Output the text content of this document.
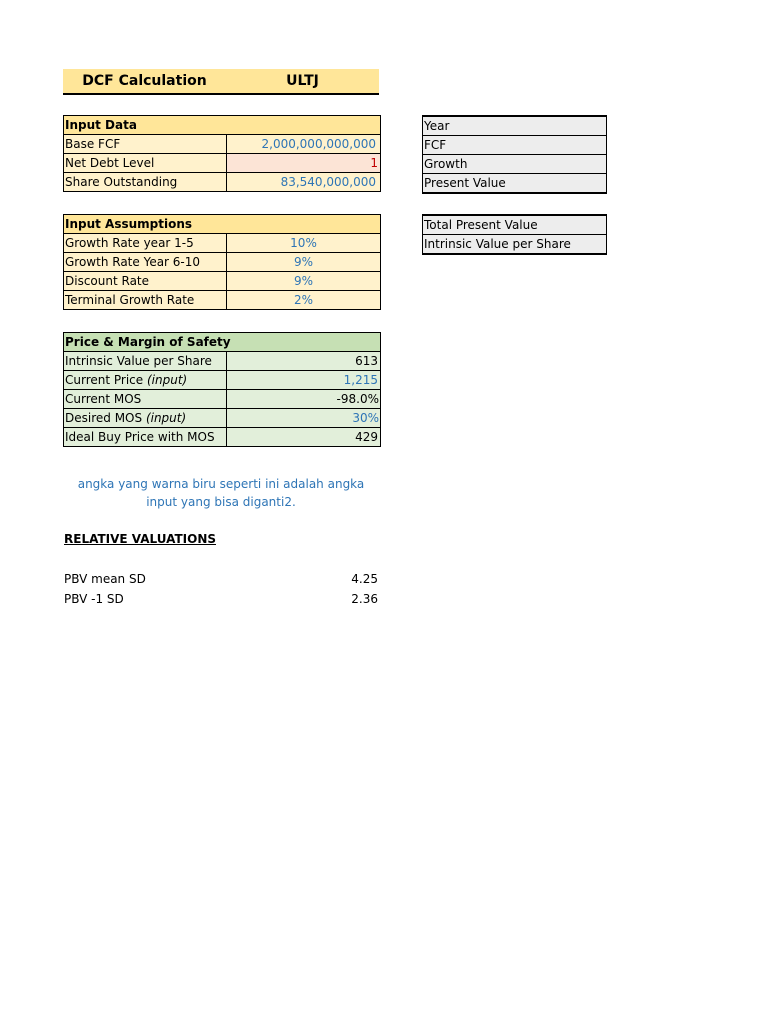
DCF Calculation	ULTJ
Input Data	
Base FCF	2,000,000,000,000
Net Debt Level	1
Share Outstanding	83,540,000,000
Input Assumptions	
Growth Rate year 1-5	10%
Growth Rate Year 6-10	9%
Discount Rate	9%
Terminal Growth Rate	2%
Price & Margin of Safety	
Intrinsic Value per Share	613
Current Price (input)	1,215
Current MOS	-98.0%
Desired MOS (input)	30%
Ideal Buy Price with MOS	429
Year
FCF
Growth
Present Value
Total Present Value
Intrinsic Value per Share
angka yang warna biru seperti ini adalah angka input yang bisa diganti2.
RELATIVE VALUATIONS
PBV mean SD	4.25
PBV -1 SD	2.36
